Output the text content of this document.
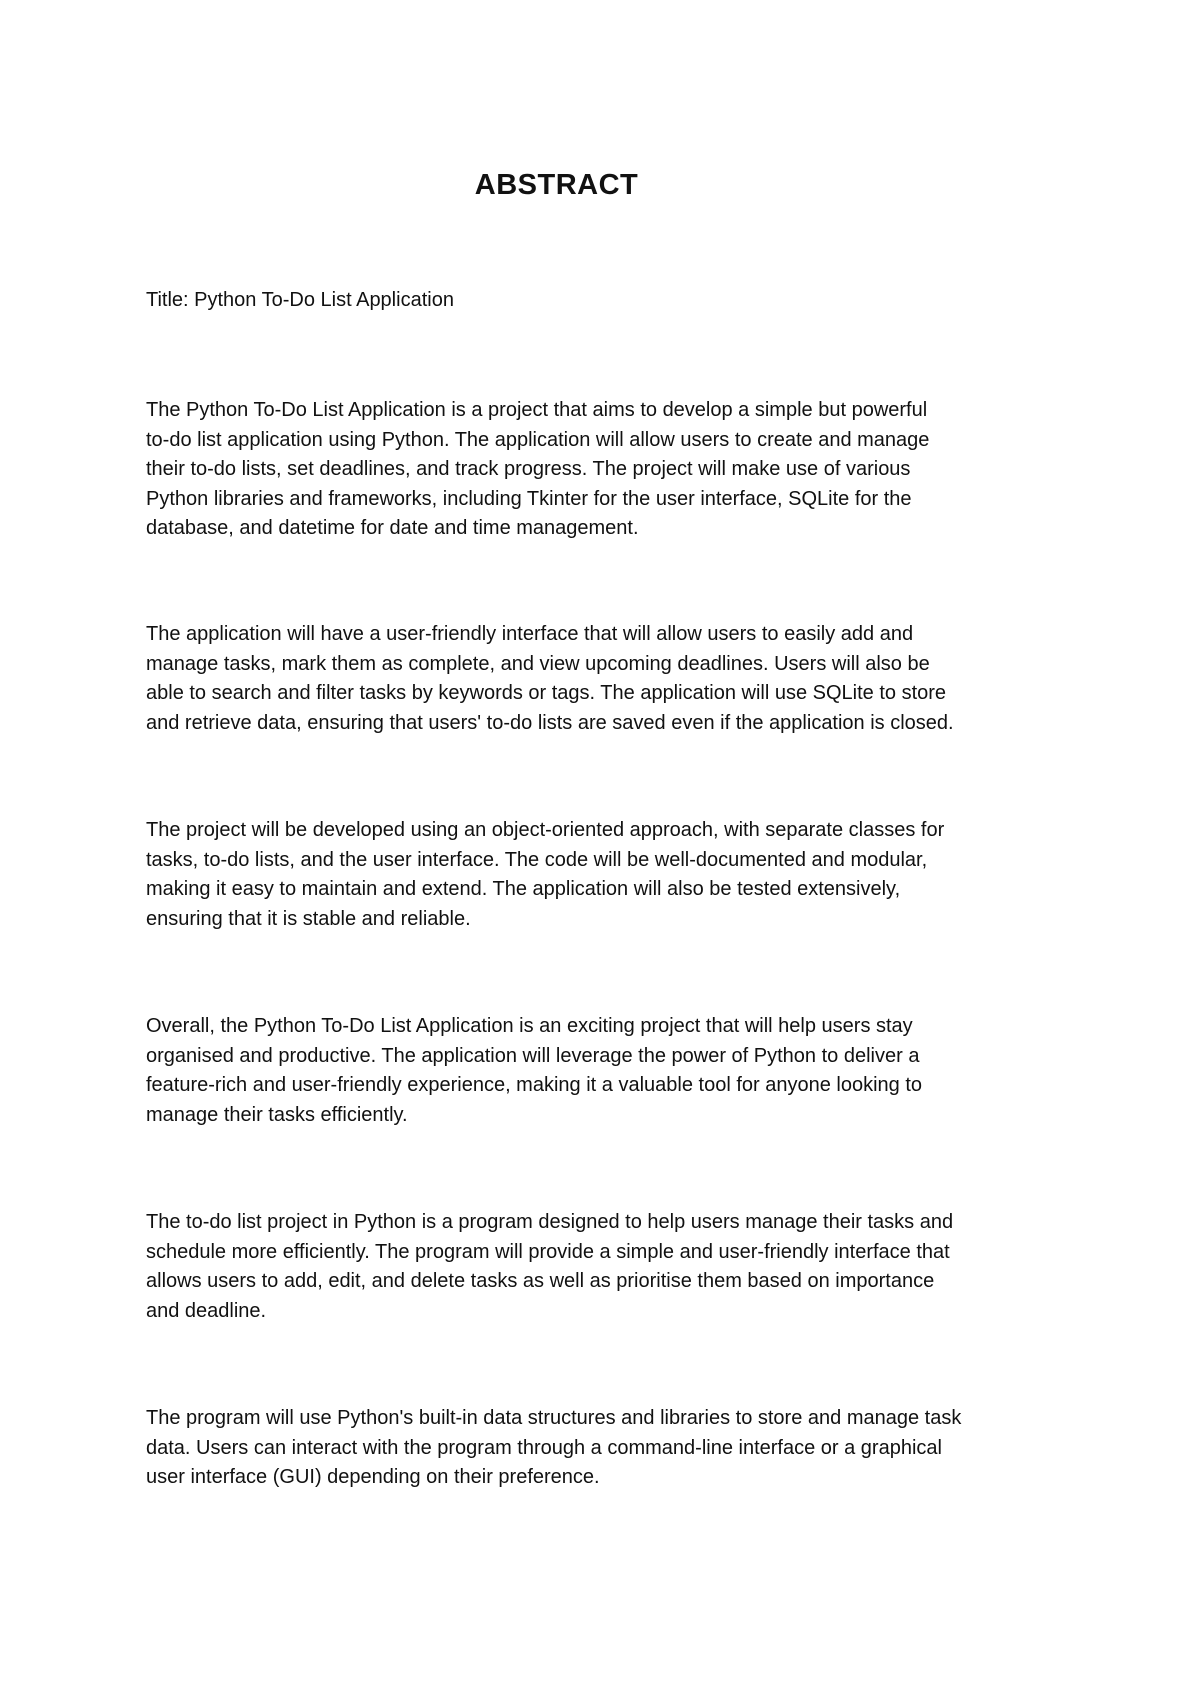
ABSTRACT

Title: Python To-Do List Application

The Python To-Do List Application is a project that aims to develop a simple but powerful
to-do list application using Python. The application will allow users to create and manage
their to-do lists, set deadlines, and track progress. The project will make use of various
Python libraries and frameworks, including Tkinter for the user interface, SQLite for the
database, and datetime for date and time management.

The application will have a user-friendly interface that will allow users to easily add and
manage tasks, mark them as complete, and view upcoming deadlines. Users will also be
able to search and filter tasks by keywords or tags. The application will use SQLite to store
and retrieve data, ensuring that users' to-do lists are saved even if the application is closed.

The project will be developed using an object-oriented approach, with separate classes for
tasks, to-do lists, and the user interface. The code will be well-documented and modular,
making it easy to maintain and extend. The application will also be tested extensively,
ensuring that it is stable and reliable.

Overall, the Python To-Do List Application is an exciting project that will help users stay
organised and productive. The application will leverage the power of Python to deliver a
feature-rich and user-friendly experience, making it a valuable tool for anyone looking to
manage their tasks efficiently.

The to-do list project in Python is a program designed to help users manage their tasks and
schedule more efficiently. The program will provide a simple and user-friendly interface that
allows users to add, edit, and delete tasks as well as prioritise them based on importance
and deadline.

The program will use Python's built-in data structures and libraries to store and manage task
data. Users can interact with the program through a command-line interface or a graphical
user interface (GUI) depending on their preference.
